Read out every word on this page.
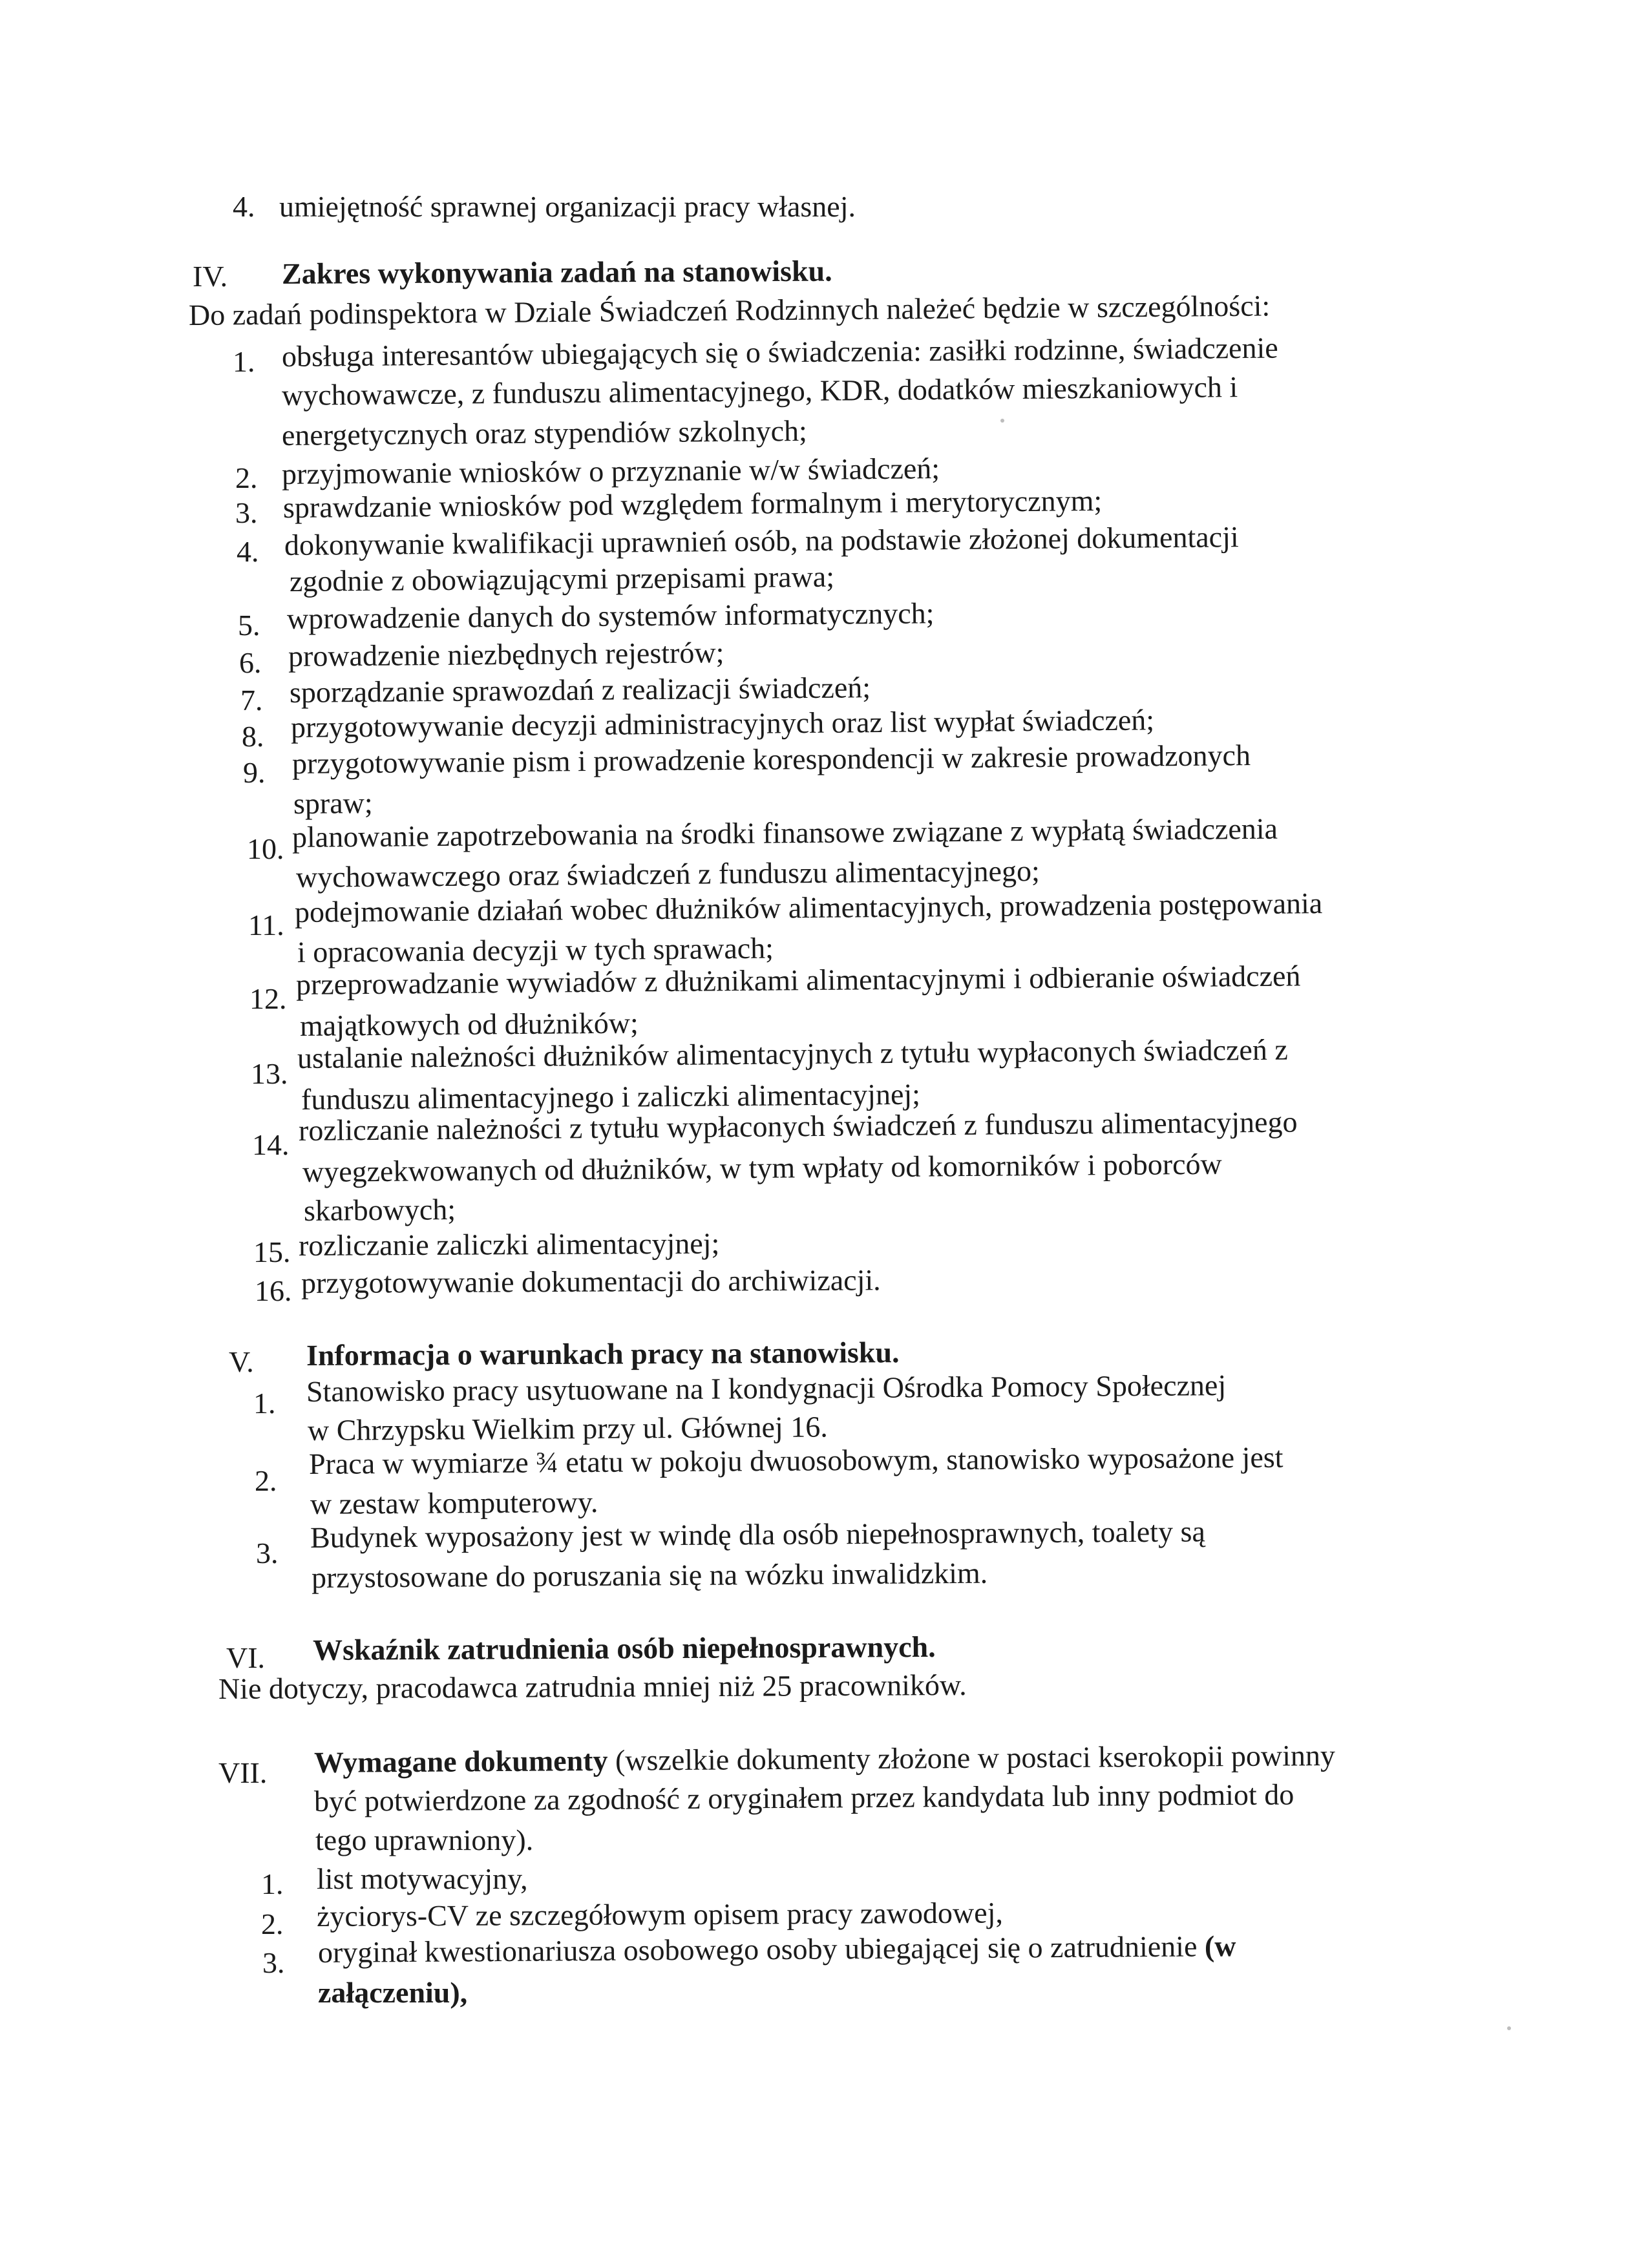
4. umiejętność sprawnej organizacji pracy własnej.
IV. Zakres wykonywania zadań na stanowisku.
Do zadań podinspektora w Dziale Świadczeń Rodzinnych należeć będzie w szczególności:
1. obsługa interesantów ubiegających się o świadczenia: zasiłki rodzinne, świadczenie
wychowawcze, z funduszu alimentacyjnego, KDR, dodatków mieszkaniowych i
energetycznych oraz stypendiów szkolnych;
2. przyjmowanie wniosków o przyznanie w/w świadczeń;
3. sprawdzanie wniosków pod względem formalnym i merytorycznym;
4. dokonywanie kwalifikacji uprawnień osób, na podstawie złożonej dokumentacji
zgodnie z obowiązującymi przepisami prawa;
5. wprowadzenie danych do systemów informatycznych;
6. prowadzenie niezbędnych rejestrów;
7. sporządzanie sprawozdań z realizacji świadczeń;
8. przygotowywanie decyzji administracyjnych oraz list wypłat świadczeń;
9. przygotowywanie pism i prowadzenie korespondencji w zakresie prowadzonych
spraw;
10. planowanie zapotrzebowania na środki finansowe związane z wypłatą świadczenia
wychowawczego oraz świadczeń z funduszu alimentacyjnego;
11. podejmowanie działań wobec dłużników alimentacyjnych, prowadzenia postępowania
i opracowania decyzji w tych sprawach;
12. przeprowadzanie wywiadów z dłużnikami alimentacyjnymi i odbieranie oświadczeń
majątkowych od dłużników;
13. ustalanie należności dłużników alimentacyjnych z tytułu wypłaconych świadczeń z
funduszu alimentacyjnego i zaliczki alimentacyjnej;
14. rozliczanie należności z tytułu wypłaconych świadczeń z funduszu alimentacyjnego
wyegzekwowanych od dłużników, w tym wpłaty od komorników i poborców
skarbowych;
15. rozliczanie zaliczki alimentacyjnej;
16. przygotowywanie dokumentacji do archiwizacji.
V. Informacja o warunkach pracy na stanowisku.
1. Stanowisko pracy usytuowane na I kondygnacji Ośrodka Pomocy Społecznej
w Chrzypsku Wielkim przy ul. Głównej 16.
2.
Praca w wymiarze ¾ etatu w pokoju dwuosobowym, stanowisko wyposażone jest
w zestaw komputerowy.
3. Budynek wyposażony jest w windę dla osób niepełnosprawnych, toalety są
przystosowane do poruszania się na wózku inwalidzkim.
VI. Wskaźnik zatrudnienia osób niepełnosprawnych.
Nie dotyczy, pracodawca zatrudnia mniej niż 25 pracowników.
VII. Wymagane dokumenty (wszelkie dokumenty złożone w postaci kserokopii powinny
być potwierdzone za zgodność z oryginałem przez kandydata lub inny podmiot do
tego uprawniony).
1. list motywacyjny,
2. życiorys-CV ze szczegółowym opisem pracy zawodowej,
3. oryginał kwestionariusza osobowego osoby ubiegającej się o zatrudnienie (w
załączeniu),
